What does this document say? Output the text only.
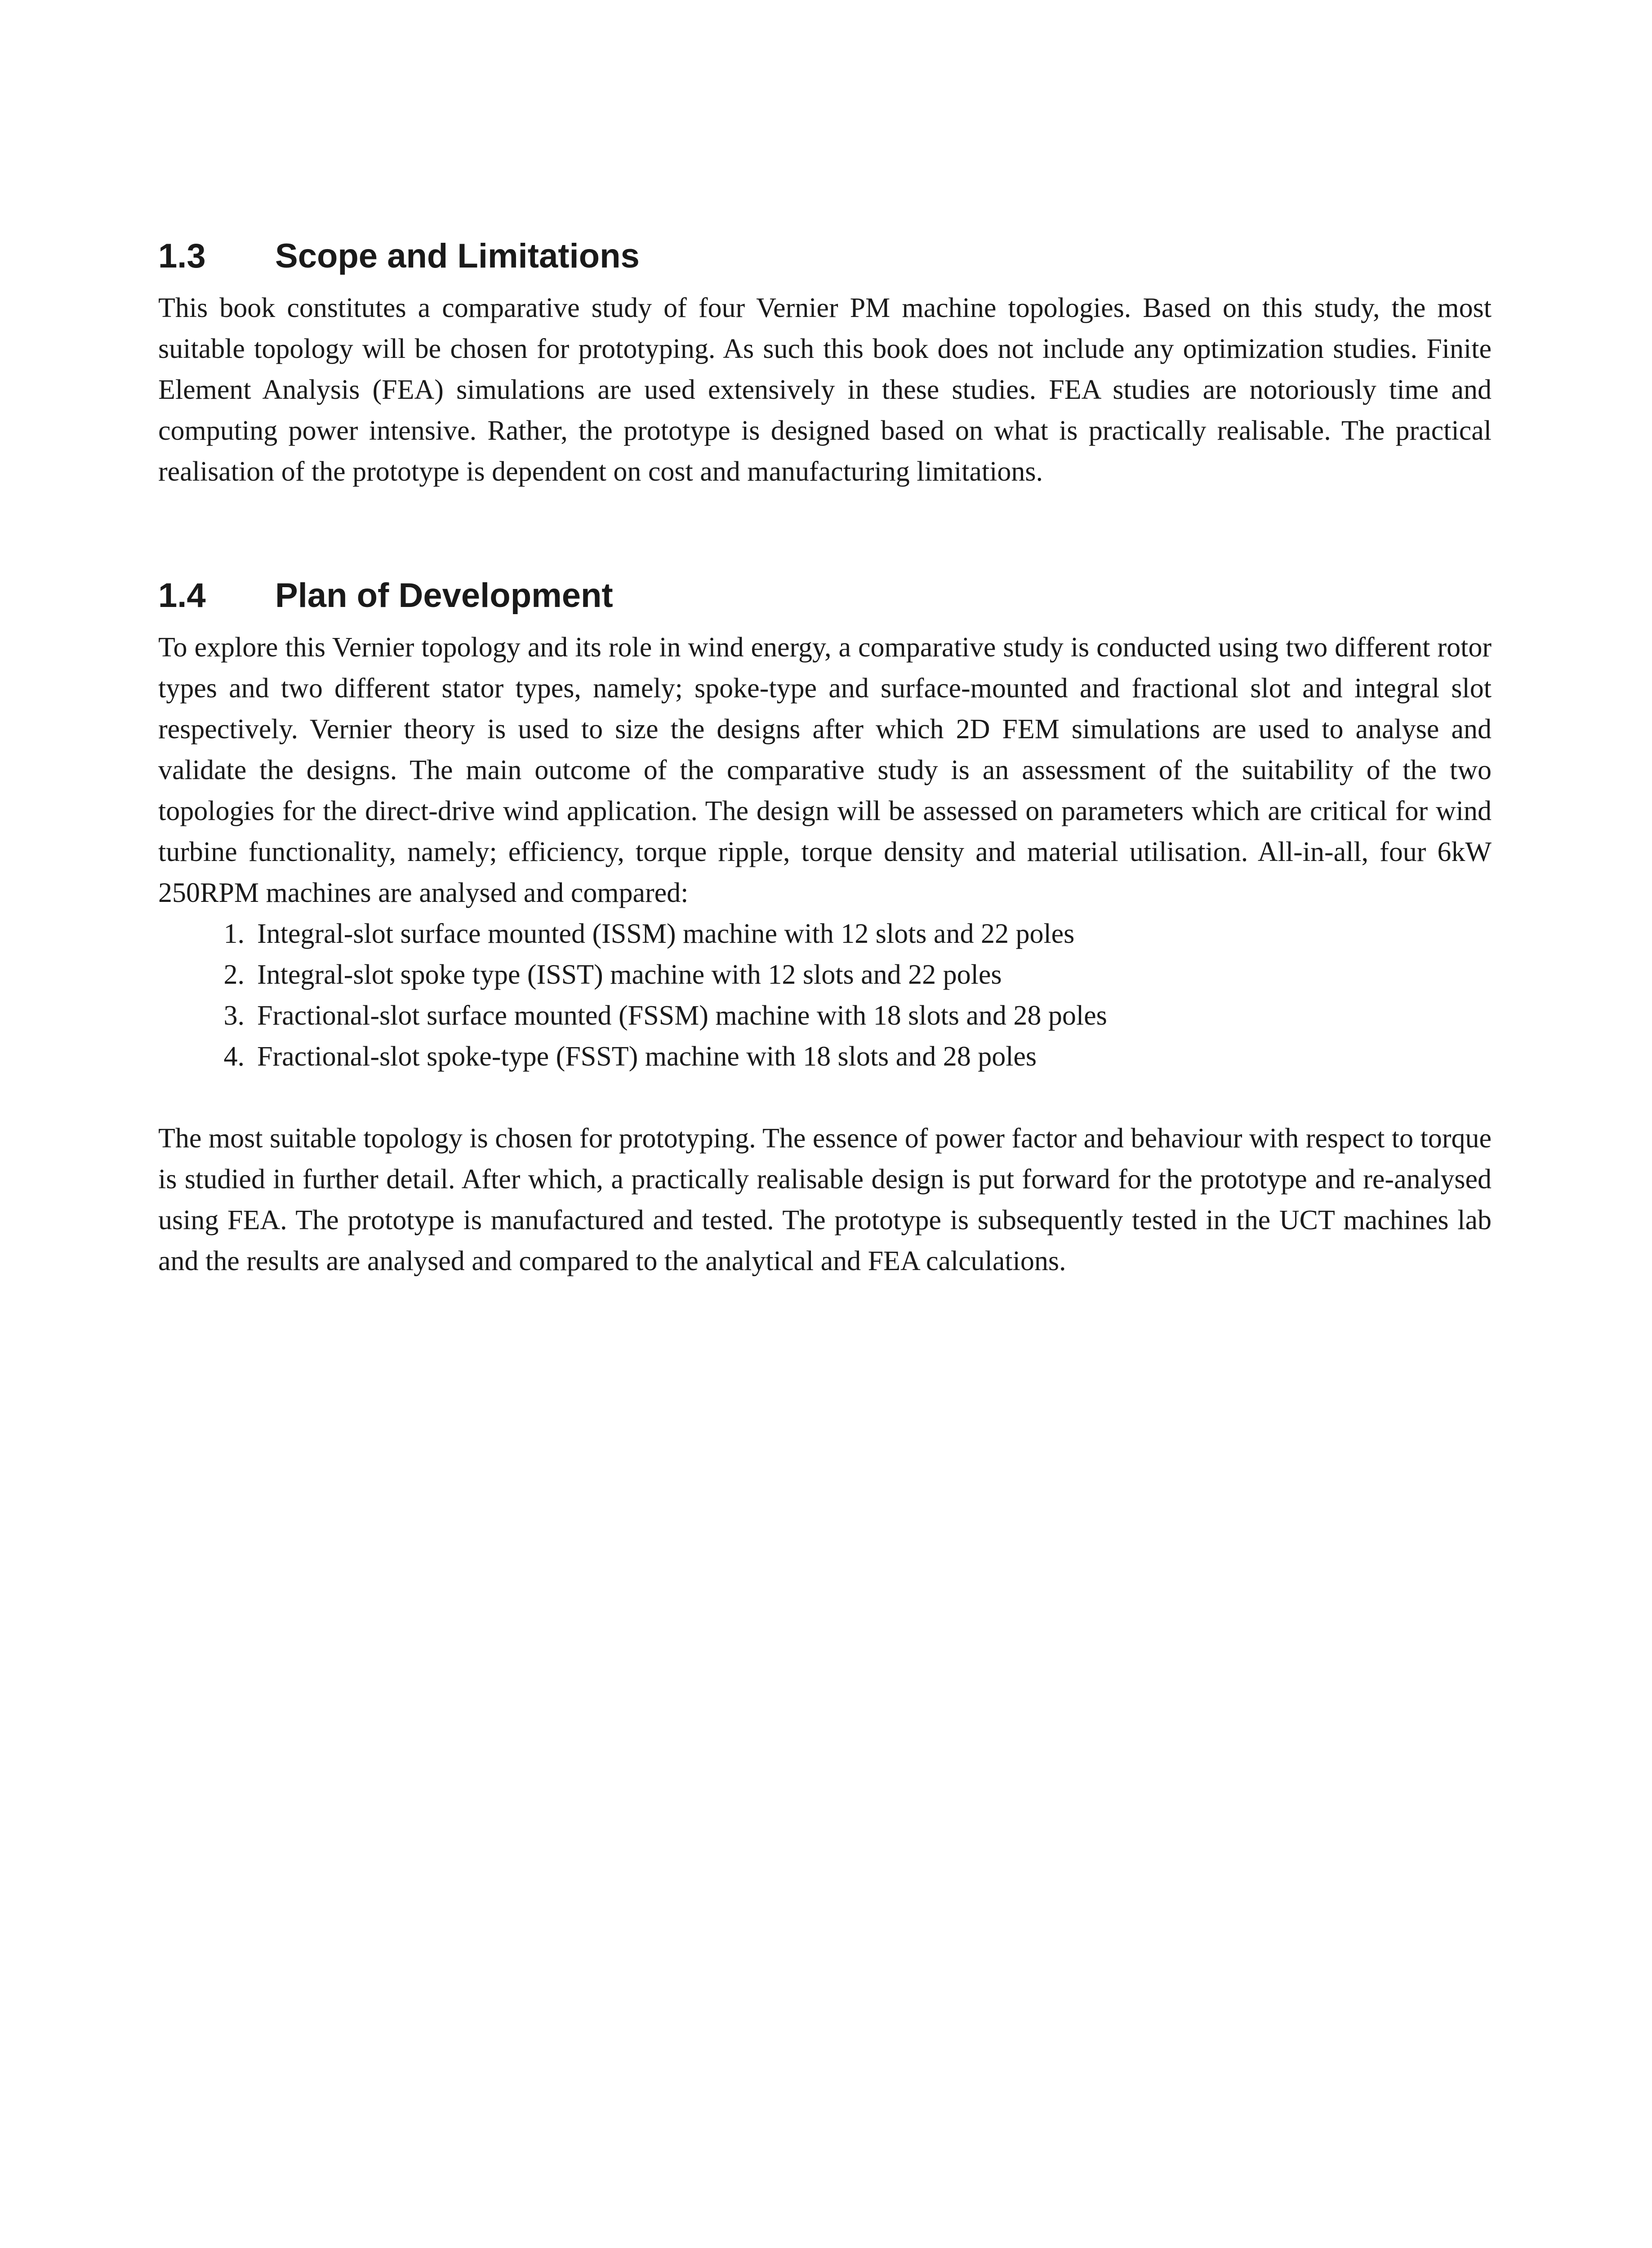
1.3	Scope and Limitations

This book constitutes a comparative study of four Vernier PM machine topologies. Based on this study, the most suitable topology will be chosen for prototyping. As such this book does not include any optimization studies. Finite Element Analysis (FEA) simulations are used extensively in these studies. FEA studies are notoriously time and computing power intensive. Rather, the prototype is designed based on what is practically realisable. The practical realisation of the prototype is dependent on cost and manufacturing limitations.

1.4	Plan of Development

To explore this Vernier topology and its role in wind energy, a comparative study is conducted using two different rotor types and two different stator types, namely; spoke-type and surface-mounted and fractional slot and integral slot respectively. Vernier theory is used to size the designs after which 2D FEM simulations are used to analyse and validate the designs. The main outcome of the comparative study is an assessment of the suitability of the two topologies for the direct-drive wind application. The design will be assessed on parameters which are critical for wind turbine functionality, namely; efficiency, torque ripple, torque density and material utilisation. All-in-all, four 6kW 250RPM machines are analysed and compared:

1. Integral-slot surface mounted (ISSM) machine with 12 slots and 22 poles
2. Integral-slot spoke type (ISST) machine with 12 slots and 22 poles
3. Fractional-slot surface mounted (FSSM) machine with 18 slots and 28 poles
4. Fractional-slot spoke-type (FSST) machine with 18 slots and 28 poles

The most suitable topology is chosen for prototyping. The essence of power factor and behaviour with respect to torque is studied in further detail. After which, a practically realisable design is put forward for the prototype and re-analysed using FEA. The prototype is manufactured and tested. The prototype is subsequently tested in the UCT machines lab and the results are analysed and compared to the analytical and FEA calculations.
